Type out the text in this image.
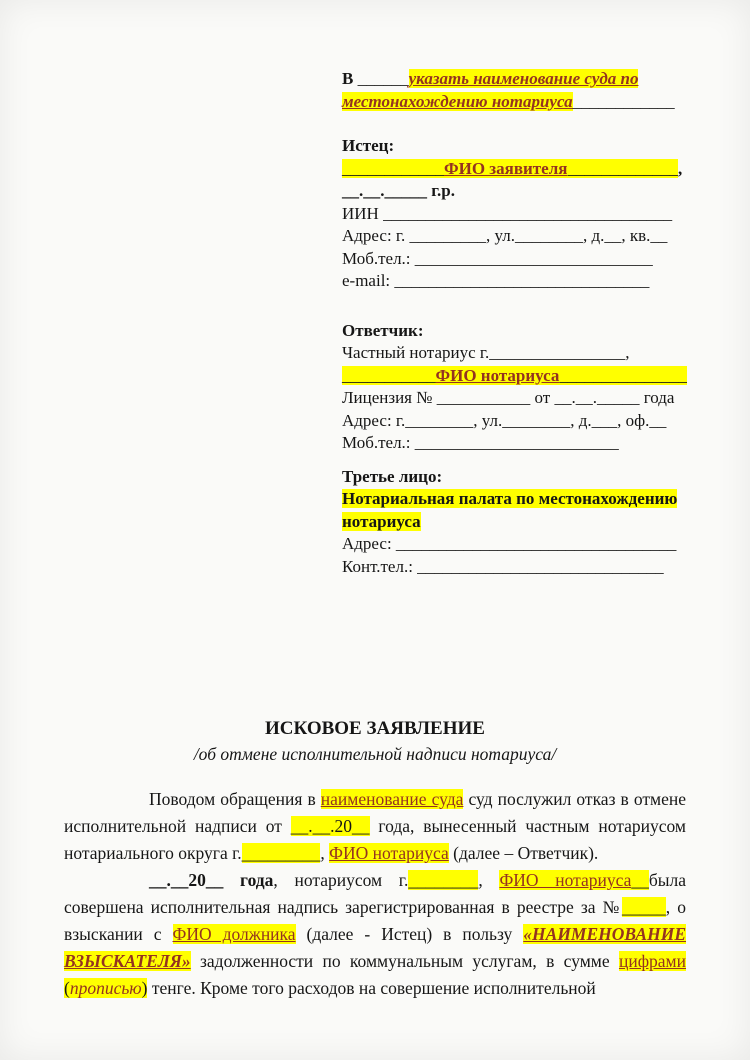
В ______указать наименование суда по местонахождению нотариуса____________
Истец:
____________ФИО заявителя_____________,
__.__._____ г.р.
ИИН __________________________________
Адрес: г. _________, ул.________, д.__, кв.__
Моб.тел.: ____________________________
e-mail: ______________________________
Ответчик:
Частный нотариус г.________________,
___________ФИО нотариуса_______________
Лицензия № ___________ от __.__._____ года
Адрес: г.________, ул.________, д.___, оф.__
Моб.тел.: ________________________
Третье лицо:
Нотариальная палата по местонахождению нотариуса
Адрес: _________________________________
Конт.тел.: _____________________________
ИСКОВОЕ ЗАЯВЛЕНИЕ
/об отмене исполнительной надписи нотариуса/
Поводом обращения в наименование суда суд послужил отказ в отмене исполнительной надписи от __.__.20__ года, вынесенный частным нотариусом нотариального округа г._________, ФИО нотариуса (далее – Ответчик).
__.__20__ года, нотариусом г.________, ФИО нотариуса__была совершена исполнительная надпись зарегистрированная в реестре за №_____, о взыскании с ФИО должника (далее - Истец) в пользу «НАИМЕНОВАНИЕ ВЗЫСКАТЕЛЯ» задолженности по коммунальным услугам, в сумме цифрами (прописью) тенге. Кроме того расходов на совершение исполнительной
